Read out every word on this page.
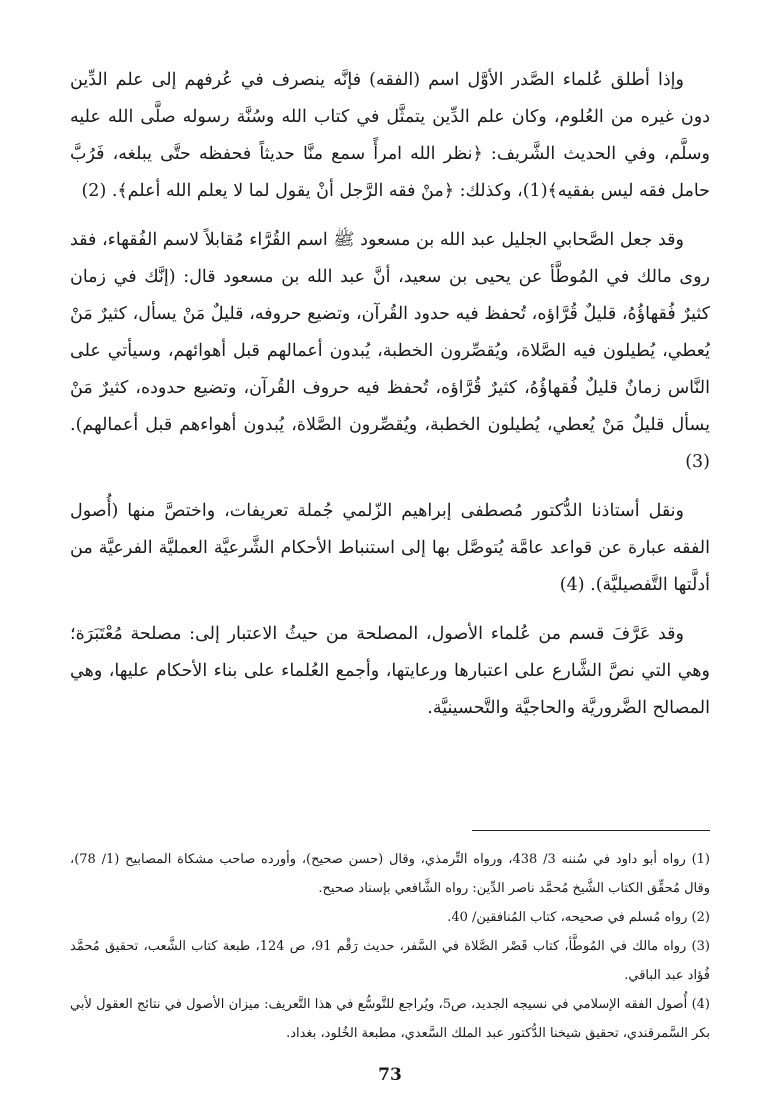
وإذا أطلق عُلماء الصَّدر الأوَّل اسم (الفقه) فإنَّه ينصرف في عُرفهم إلى علم الدِّين دون غيره من العُلوم، وكان علم الدِّين يتمثَّل في كتاب الله وسُنَّة رسوله صلَّى الله عليه وسلَّم، وفي الحديث الشَّريف: ﴿نظر الله امرأً سمع منَّا حديثاً فحفظه حتَّى يبلغه، فَرُبَّ حامل فقه ليس بفقيه﴾(1)، وكذلك: ﴿منْ فقه الرَّجل أنْ يقول لما لا يعلم الله أعلم﴾. (2)

وقد جعل الصَّحابي الجليل عبد الله بن مسعود ﷺ اسم القُرَّاء مُقابلاً لاسم الفُقهاء، فقد روى مالك في المُوطَّأ عن يحيى بن سعيد، أنَّ عبد الله بن مسعود قال: (إنَّك في زمان كثيرٌ فُقهاؤُهُ، قليلٌ قُرَّاؤه، تُحفظ فيه حدود القُرآن، وتضيع حروفه، قليلٌ مَنْ يسأل، كثيرٌ مَنْ يُعطي، يُطيلون فيه الصَّلاة، ويُقصِّرون الخطبة، يُبدون أعمالهم قبل أهوائهم، وسيأتي على النَّاس زمانٌ قليلٌ فُقهاؤُهُ، كثيرٌ قُرَّاؤه، تُحفظ فيه حروف القُرآن، وتضيع حدوده، كثيرٌ مَنْ يسأل قليلٌ مَنْ يُعطي، يُطيلون الخطبة، ويُقصِّرون الصَّلاة، يُبدون أهواءهم قبل أعمالهم). (3)

ونقل أستاذنا الدُّكتور مُصطفى إبراهيم الزّلمي جُملة تعريفات، واختصَّ منها (أُصول الفقه عبارة عن قواعد عامَّة يُتوصَّل بها إلى استنباط الأحكام الشَّرعيَّة العمليَّة الفرعيَّة من أدلَّتها التَّفصيليَّة). (4)

وقد عَرَّفَ قسم من عُلماء الأصول، المصلحة من حيثُ الاعتبار إلى: مصلحة مُعْتَبَرَة؛ وهي التي نصَّ الشَّارع على اعتبارها ورعايتها، وأجمع العُلماء على بناء الأحكام عليها، وهي المصالح الضَّروريَّة والحاجيَّة والتَّحسينيَّة.

(1) رواه أبو داود في سُننه 3/ 438، ورواه التِّرمذي، وقال (حسن صحيح)، وأورده صاحب مشكاة المصابيح (1/ 78)، وقال مُحقِّق الكتاب الشَّيخ مُحمَّد ناصر الدِّين: رواه الشَّافعي بإسناد صحيح.

(2) رواه مُسلم في صحيحه، كتاب المُنافقين/ 40.

(3) رواه مالك في المُوطَّأ، كتاب قَصْر الصَّلاة في السَّفر، حديث رَقْم 91، ص 124، طبعة كتاب الشَّعب، تحقيق مُحمَّد فُؤاد عبد الباقي.

(4) أُصول الفقه الإسلامي في نسيجه الجديد، ص5، ويُراجع للتَّوسُّع في هذا التَّعريف: ميزان الأصول في نتائج العقول لأبي بكر السَّمرقندي، تحقيق شيخنا الدُّكتور عبد الملك السَّعدي، مطبعة الخُلود، بغداد.

73
